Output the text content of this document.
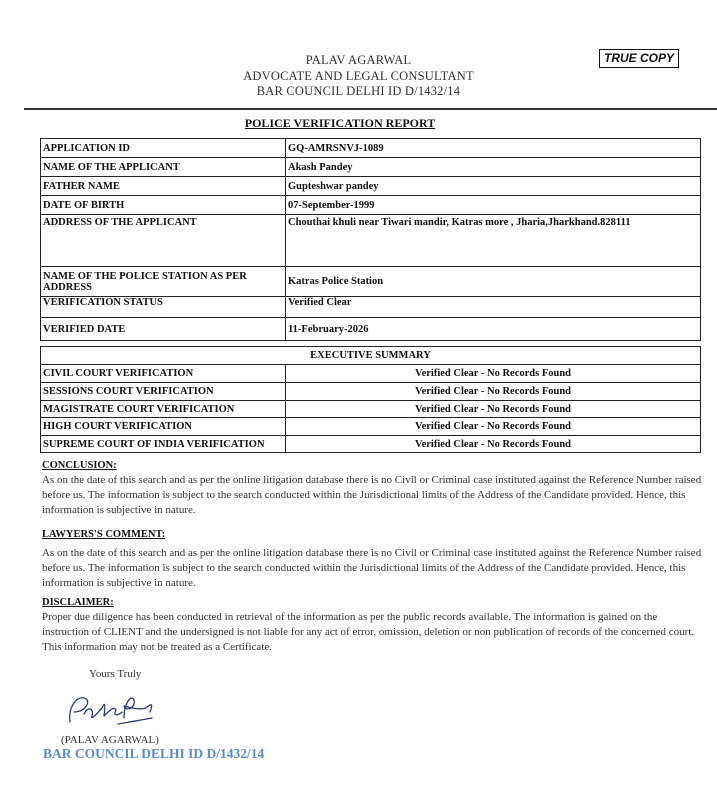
TRUE COPY
PALAV AGARWAL
ADVOCATE AND LEGAL CONSULTANT
BAR COUNCIL DELHI ID D/1432/14
POLICE VERIFICATION REPORT
APPLICATION ID	GQ-AMRSNVJ-1089
NAME OF THE APPLICANT	Akash Pandey
FATHER NAME	Gupteshwar pandey
DATE OF BIRTH	07-September-1999
ADDRESS OF THE APPLICANT	Chouthai khuli near Tiwari mandir, Katras more , Jharia,Jharkhand.828111
NAME OF THE POLICE STATION AS PER ADDRESS	Katras Police Station
VERIFICATION STATUS	Verified Clear
VERIFIED DATE	11-February-2026
EXECUTIVE SUMMARY	
CIVIL COURT VERIFICATION	Verified Clear - No Records Found
SESSIONS COURT VERIFICATION	Verified Clear - No Records Found
MAGISTRATE COURT VERIFICATION	Verified Clear - No Records Found
HIGH COURT VERIFICATION	Verified Clear - No Records Found
SUPREME COURT OF INDIA VERIFICATION	Verified Clear - No Records Found
CONCLUSION:
As on the date of this search and as per the online litigation database there is no Civil or Criminal case instituted against the Reference Number raised before us. The information is subject to the search conducted within the Jurisdictional limits of the Address of the Candidate provided. Hence, this information is subjective in nature.
LAWYERS'S COMMENT:
As on the date of this search and as per the online litigation database there is no Civil or Criminal case instituted against the Reference Number raised before us. The information is subject to the search conducted within the Jurisdictional limits of the Address of the Candidate provided. Hence, this information is subjective in nature.
DISCLAIMER:
Proper due diligence has been conducted in retrieval of the information as per the public records available. The information is gained on the instruction of CLIENT and the undersigned is not liable for any act of error, omission, deletion or non publication of records of the concerned court. This information may not be treated as a Certificate.
Yours Truly
(PALAV AGARWAL)
BAR COUNCIL DELHI ID D/1432/14
